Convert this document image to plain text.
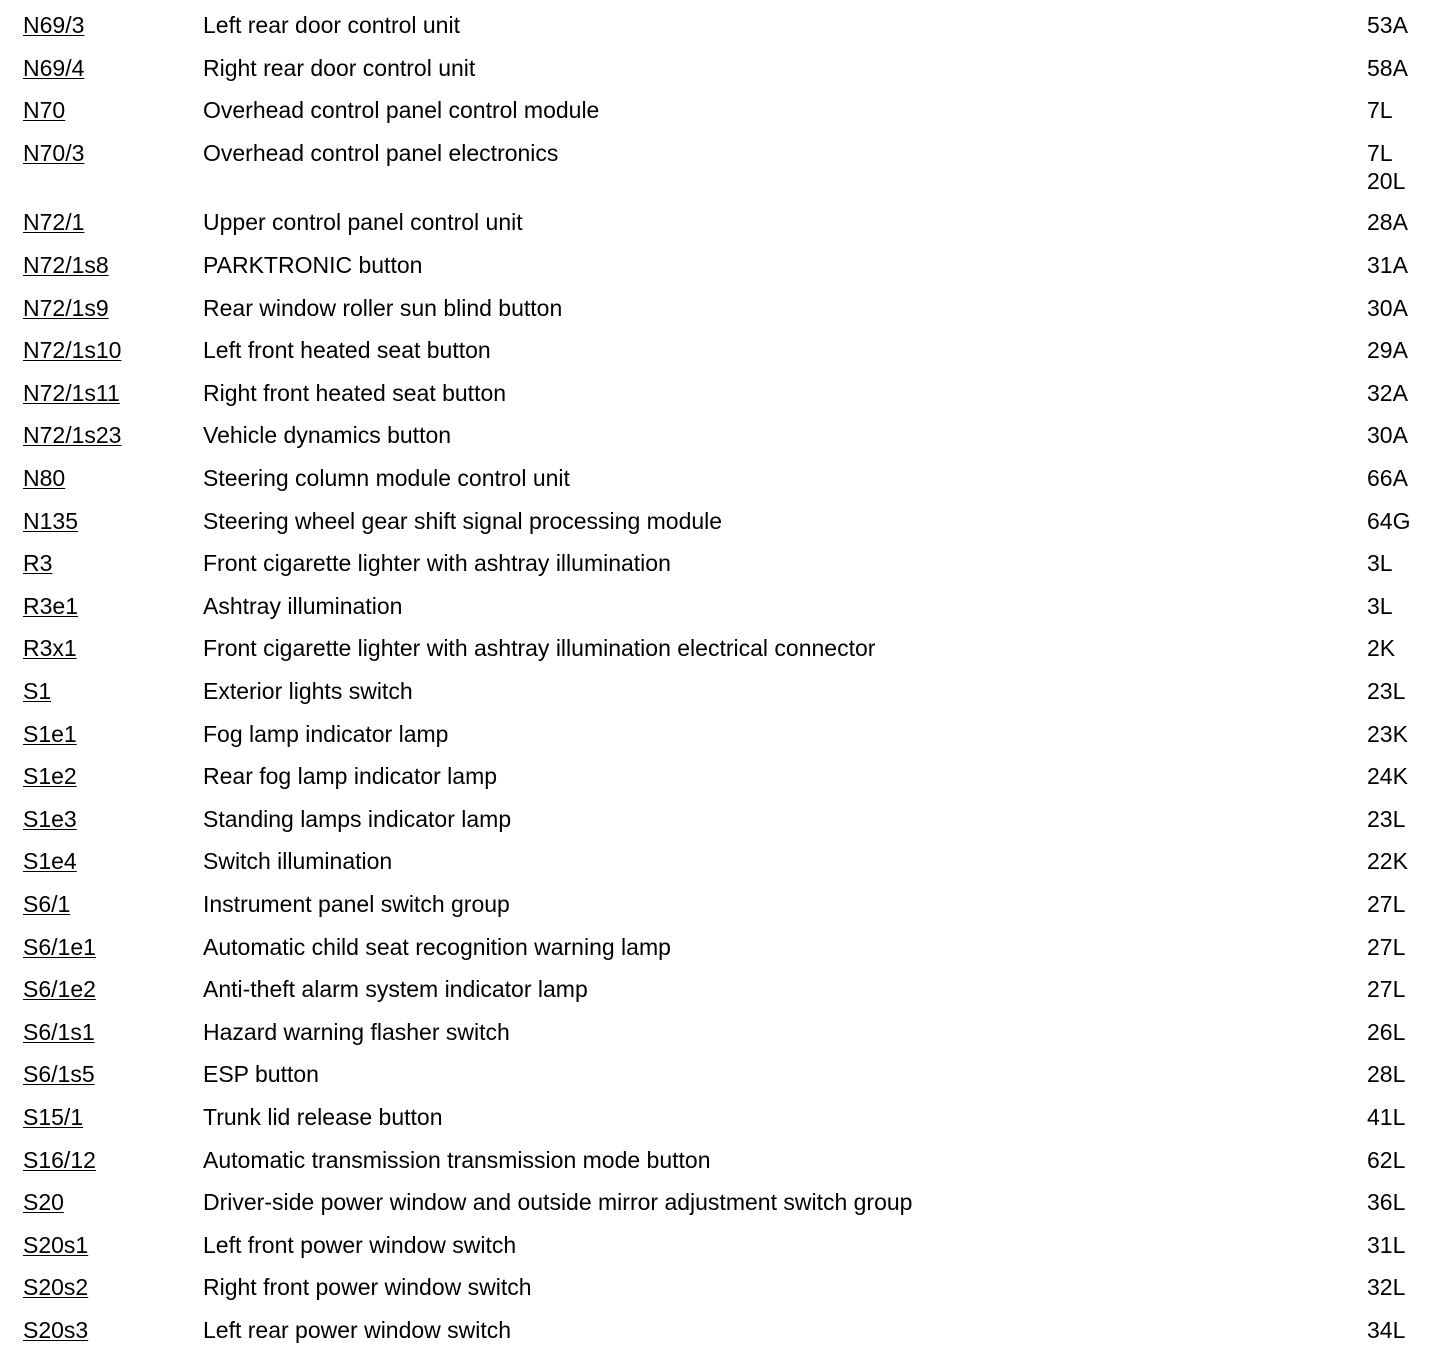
N69/3	Left rear door control unit	53A
N69/4	Right rear door control unit	58A
N70	Overhead control panel control module	7L
N70/3	Overhead control panel electronics	7L
20L
N72/1	Upper control panel control unit	28A
N72/1s8	PARKTRONIC button	31A
N72/1s9	Rear window roller sun blind button	30A
N72/1s10	Left front heated seat button	29A
N72/1s11	Right front heated seat button	32A
N72/1s23	Vehicle dynamics button	30A
N80	Steering column module control unit	66A
N135	Steering wheel gear shift signal processing module	64G
R3	Front cigarette lighter with ashtray illumination	3L
R3e1	Ashtray illumination	3L
R3x1	Front cigarette lighter with ashtray illumination electrical connector	2K
S1	Exterior lights switch	23L
S1e1	Fog lamp indicator lamp	23K
S1e2	Rear fog lamp indicator lamp	24K
S1e3	Standing lamps indicator lamp	23L
S1e4	Switch illumination	22K
S6/1	Instrument panel switch group	27L
S6/1e1	Automatic child seat recognition warning lamp	27L
S6/1e2	Anti-theft alarm system indicator lamp	27L
S6/1s1	Hazard warning flasher switch	26L
S6/1s5	ESP button	28L
S15/1	Trunk lid release button	41L
S16/12	Automatic transmission transmission mode button	62L
S20	Driver-side power window and outside mirror adjustment switch group	36L
S20s1	Left front power window switch	31L
S20s2	Right front power window switch	32L
S20s3	Left rear power window switch	34L
